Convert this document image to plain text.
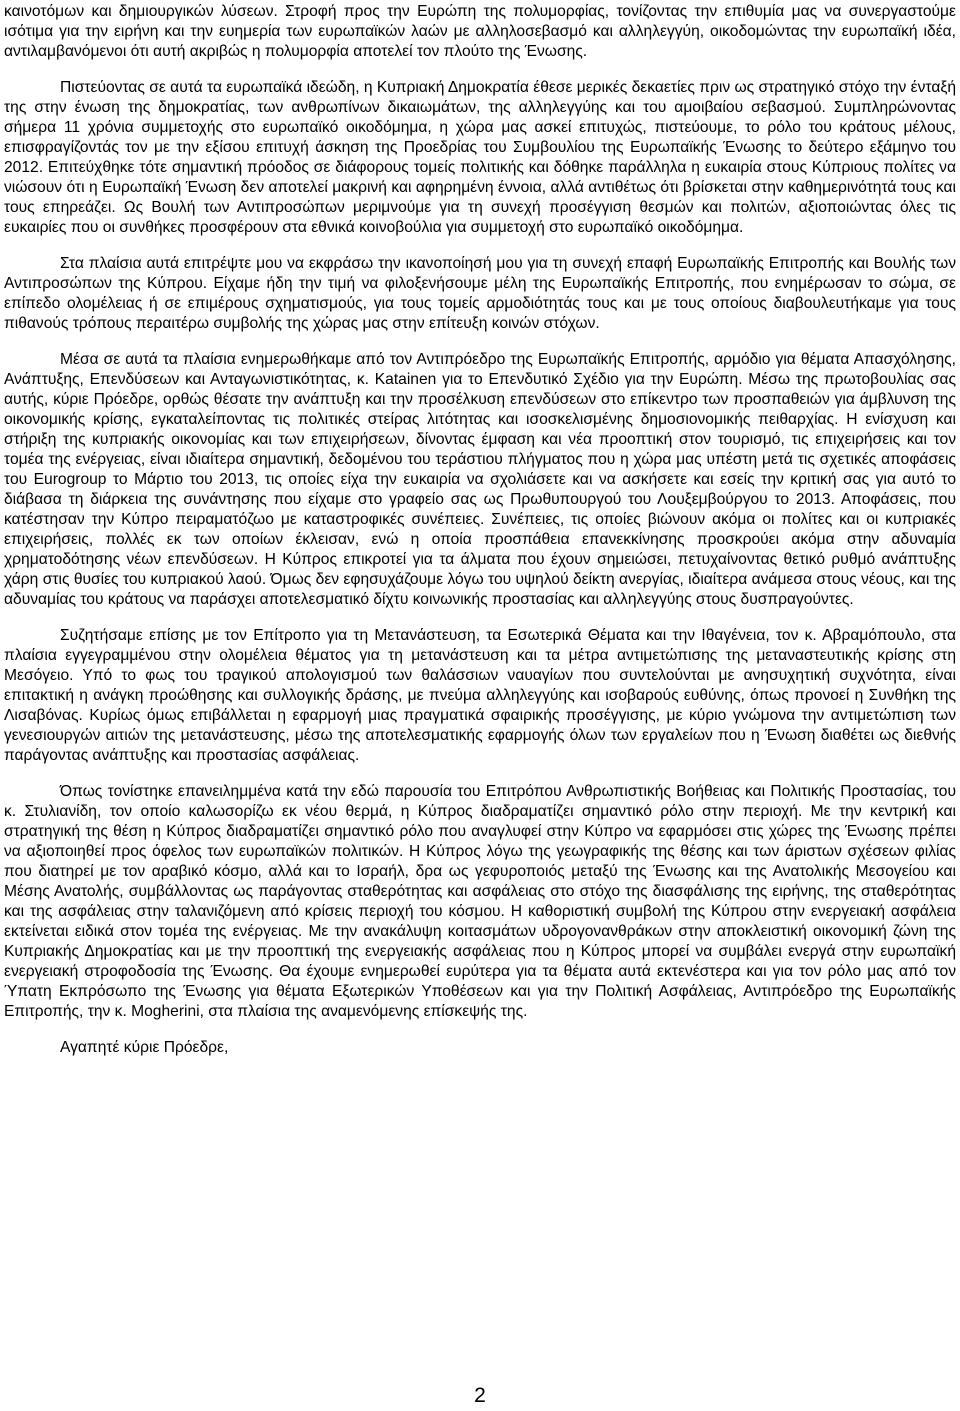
καινοτόμων και δημιουργικών λύσεων. Στροφή προς την Ευρώπη της πολυμορφίας, τονίζοντας την επιθυμία μας να συνεργαστούμε ισότιμα για την ειρήνη και την ευημερία των ευρωπαϊκών λαών με αλληλοσεβασμό και αλληλεγγύη, οικοδομώντας την ευρωπαϊκή ιδέα, αντιλαμβανόμενοι ότι αυτή ακριβώς η πολυμορφία αποτελεί τον πλούτο της Ένωσης.

Πιστεύοντας σε αυτά τα ευρωπαϊκά ιδεώδη, η Κυπριακή Δημοκρατία έθεσε μερικές δεκαετίες πριν ως στρατηγικό στόχο την ένταξή της στην ένωση της δημοκρατίας, των ανθρωπίνων δικαιωμάτων, της αλληλεγγύης και του αμοιβαίου σεβασμού. Συμπληρώνοντας σήμερα 11 χρόνια συμμετοχής στο ευρωπαϊκό οικοδόμημα, η χώρα μας ασκεί επιτυχώς, πιστεύουμε, το ρόλο του κράτους μέλους, επισφραγίζοντάς τον με την εξίσου επιτυχή άσκηση της Προεδρίας του Συμβουλίου της Ευρωπαϊκής Ένωσης το δεύτερο εξάμηνο του 2012. Επιτεύχθηκε τότε σημαντική πρόοδος σε διάφορους τομείς πολιτικής και δόθηκε παράλληλα η ευκαιρία στους Κύπριους πολίτες να νιώσουν ότι η Ευρωπαϊκή Ένωση δεν αποτελεί μακρινή και αφηρημένη έννοια, αλλά αντιθέτως ότι βρίσκεται στην καθημερινότητά τους και τους επηρεάζει. Ως Βουλή των Αντιπροσώπων μεριμνούμε για τη συνεχή προσέγγιση θεσμών και πολιτών, αξιοποιώντας όλες τις ευκαιρίες που οι συνθήκες προσφέρουν στα εθνικά κοινοβούλια για συμμετοχή στο ευρωπαϊκό οικοδόμημα.

Στα πλαίσια αυτά επιτρέψτε μου να εκφράσω την ικανοποίησή μου για τη συνεχή επαφή Ευρωπαϊκής Επιτροπής και Βουλής των Αντιπροσώπων της Κύπρου. Είχαμε ήδη την τιμή να φιλοξενήσουμε μέλη της Ευρωπαϊκής Επιτροπής, που ενημέρωσαν το σώμα, σε επίπεδο ολομέλειας ή σε επιμέρους σχηματισμούς, για τους τομείς αρμοδιότητάς τους και με τους οποίους διαβουλευτήκαμε για τους πιθανούς τρόπους περαιτέρω συμβολής της χώρας μας στην επίτευξη κοινών στόχων.

Μέσα σε αυτά τα πλαίσια ενημερωθήκαμε από τον Αντιπρόεδρο της Ευρωπαϊκής Επιτροπής, αρμόδιο για θέματα Απασχόλησης, Ανάπτυξης, Επενδύσεων και Ανταγωνιστικότητας, κ. Katainen για το Επενδυτικό Σχέδιο για την Ευρώπη. Μέσω της πρωτοβουλίας σας αυτής, κύριε Πρόεδρε, ορθώς θέσατε την ανάπτυξη και την προσέλκυση επενδύσεων στο επίκεντρο των προσπαθειών για άμβλυνση της οικονομικής κρίσης, εγκαταλείποντας τις πολιτικές στείρας λιτότητας και ισοσκελισμένης δημοσιονομικής πειθαρχίας. Η ενίσχυση και στήριξη της κυπριακής οικονομίας και των επιχειρήσεων, δίνοντας έμφαση και νέα προοπτική στον τουρισμό, τις επιχειρήσεις και τον τομέα της ενέργειας, είναι ιδιαίτερα σημαντική, δεδομένου του τεράστιου πλήγματος που η χώρα μας υπέστη μετά τις σχετικές αποφάσεις του Eurogroup το Μάρτιο του 2013, τις οποίες είχα την ευκαιρία να σχολιάσετε και να ασκήσετε και εσείς την κριτική σας για αυτό το διάβασα τη διάρκεια της συνάντησης που είχαμε στο γραφείο σας ως Πρωθυπουργού του Λουξεμβούργου το 2013. Αποφάσεις, που κατέστησαν την Κύπρο πειραματόζωο με καταστροφικές συνέπειες. Συνέπειες, τις οποίες βιώνουν ακόμα οι πολίτες και οι κυπριακές επιχειρήσεις, πολλές εκ των οποίων έκλεισαν, ενώ η οποία προσπάθεια επανεκκίνησης προσκρούει ακόμα στην αδυναμία χρηματοδότησης νέων επενδύσεων. Η Κύπρος επικροτεί για τα άλματα που έχουν σημειώσει, πετυχαίνοντας θετικό ρυθμό ανάπτυξης χάρη στις θυσίες του κυπριακού λαού. Όμως δεν εφησυχάζουμε λόγω του υψηλού δείκτη ανεργίας, ιδιαίτερα ανάμεσα στους νέους, και της αδυναμίας του κράτους να παράσχει αποτελεσματικό δίχτυ κοινωνικής προστασίας και αλληλεγγύης στους δυσπραγούντες.

Συζητήσαμε επίσης με τον Επίτροπο για τη Μετανάστευση, τα Εσωτερικά Θέματα και την Ιθαγένεια, τον κ. Αβραμόπουλο, στα πλαίσια εγγεγραμμένου στην ολομέλεια θέματος για τη μετανάστευση και τα μέτρα αντιμετώπισης της μεταναστευτικής κρίσης στη Μεσόγειο. Υπό το φως του τραγικού απολογισμού των θαλάσσιων ναυαγίων που συντελούνται με ανησυχητική συχνότητα, είναι επιτακτική η ανάγκη προώθησης και συλλογικής δράσης, με πνεύμα αλληλεγγύης και ισοβαρούς ευθύνης, όπως προνοεί η Συνθήκη της Λισαβόνας. Κυρίως όμως επιβάλλεται η εφαρμογή μιας πραγματικά σφαιρικής προσέγγισης, με κύριο γνώμονα την αντιμετώπιση των γενεσιουργών αιτιών της μετανάστευσης, μέσω της αποτελεσματικής εφαρμογής όλων των εργαλείων που η Ένωση διαθέτει ως διεθνής παράγοντας ανάπτυξης και προστασίας ασφάλειας.

Όπως τονίστηκε επανειλημμένα κατά την εδώ παρουσία του Επιτρόπου Ανθρωπιστικής Βοήθειας και Πολιτικής Προστασίας, του κ. Στυλιανίδη, τον οποίο καλωσορίζω εκ νέου θερμά, η Κύπρος διαδραματίζει σημαντικό ρόλο στην περιοχή. Με την κεντρική και στρατηγική της θέση η Κύπρος διαδραματίζει σημαντικό ρόλο που αναγλυφεί στην Κύπρο να εφαρμόσει στις χώρες της Ένωσης πρέπει να αξιοποιηθεί προς όφελος των ευρωπαϊκών πολιτικών. Η Κύπρος λόγω της γεωγραφικής της θέσης και των άριστων σχέσεων φιλίας που διατηρεί με τον αραβικό κόσμο, αλλά και το Ισραήλ, δρα ως γεφυροποιός μεταξύ της Ένωσης και της Ανατολικής Μεσογείου και Μέσης Ανατολής, συμβάλλοντας ως παράγοντας σταθερότητας και ασφάλειας στο στόχο της διασφάλισης της ειρήνης, της σταθερότητας και της ασφάλειας στην ταλανιζόμενη από κρίσεις περιοχή του κόσμου. Η καθοριστική συμβολή της Κύπρου στην ενεργειακή ασφάλεια εκτείνεται ειδικά στον τομέα της ενέργειας. Με την ανακάλυψη κοιτασμάτων υδρογονανθράκων στην αποκλειστική οικονομική ζώνη της Κυπριακής Δημοκρατίας και με την προοπτική της ενεργειακής ασφάλειας που η Κύπρος μπορεί να συμβάλει ενεργά στην ευρωπαϊκή ενεργειακή στροφοδοσία της Ένωσης. Θα έχουμε ενημερωθεί ευρύτερα για τα θέματα αυτά εκτενέστερα και για τον ρόλο μας από τον Ύπατη Εκπρόσωπο της Ένωσης για θέματα Εξωτερικών Υποθέσεων και για την Πολιτική Ασφάλειας, Αντιπρόεδρο της Ευρωπαϊκής Επιτροπής, την κ. Mogherini, στα πλαίσια της αναμενόμενης επίσκεψής της.

Αγαπητέ κύριε Πρόεδρε,

2
